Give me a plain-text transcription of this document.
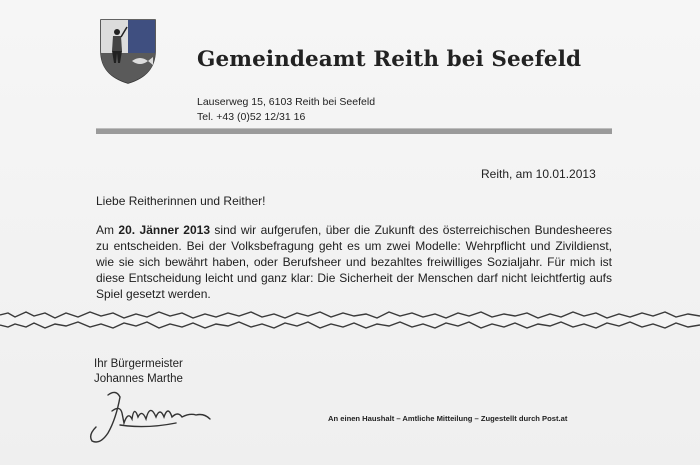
Gemeindeamt Reith bei Seefeld
Lauserweg 15, 6103 Reith bei Seefeld
Tel. +43 (0)52 12/31 16
Reith, am 10.01.2013
Liebe Reitherinnen und Reither!
Am 20. Jänner 2013 sind wir aufgerufen, über die Zukunft des österreichischen Bundesheeres zu entscheiden. Bei der Volksbefragung geht es um zwei Modelle: Wehrpflicht und Zivildienst, wie sie sich bewährt haben, oder Berufsheer und bezahltes freiwilliges Sozialjahr. Für mich ist diese Entscheidung leicht und ganz klar: Die Sicherheit der Menschen darf nicht leichtfertig aufs Spiel gesetzt werden.
Ihr Bürgermeister
Johannes Marthe
An einen Haushalt – Amtliche Mitteilung – Zugestellt durch Post.at
